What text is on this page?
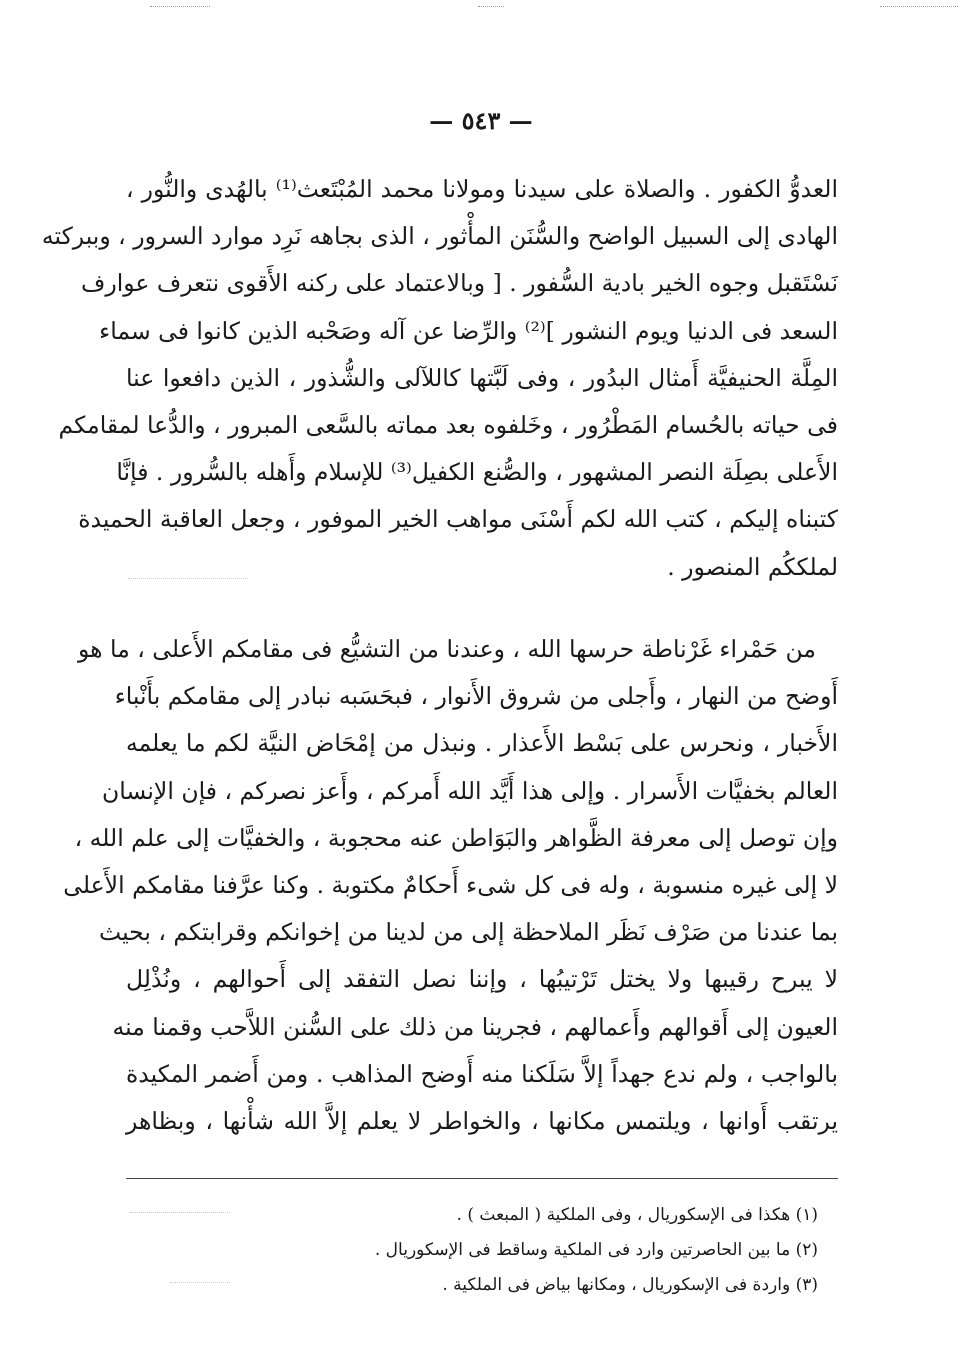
— ٥٤٣ —
العدوُّ الكفور . والصلاة على سيدنا ومولانا محمد المُبْتَعث⁽¹⁾ بالهُدى والنُّور ،
الهادى إلى السبيل الواضح والسُّنَن المأْثور ، الذى بجاهه نَرِد موارد السرور ، وببركته
نَسْتَقبل وجوه الخير بادية السُّفور . [ وبالاعتماد على ركنه الأَقوى نتعرف عوارف
السعد فى الدنيا ويوم النشور ]⁽²⁾ والرِّضا عن آله وصَحْبه الذين كانوا فى سماء
المِلَّة الحنيفيَّة أَمثال البدُور ، وفى لَبَّتها كاللآلى والشُّذور ، الذين دافعوا عنا
فى حياته بالحُسام المَطْرُور ، وخَلفوه بعد مماته بالسَّعى المبرور ، والدُّعا لمقامكم
الأَعلى بصِلَة النصر المشهور ، والصُّنع الكفيل⁽³⁾ للإسلام وأَهله بالسُّرور . فإنَّا
كتبناه إليكم ، كتب الله لكم أَسْنَى مواهب الخير الموفور ، وجعل العاقبة الحميدة
لملككُم المنصور .
من حَمْراء غَرْناطة حرسها الله ، وعندنا من التشيُّع فى مقامكم الأَعلى ، ما هو
أَوضح من النهار ، وأَجلى من شروق الأَنوار ، فبحَسَبه نبادر إلى مقامكم بأَنْباء
الأَخبار ، ونحرس على بَسْط الأَعذار . ونبذل من إمْحَاض النيَّة لكم ما يعلمه
العالم بخفيَّات الأَسرار . وإلى هذا أَيَّد الله أَمركم ، وأَعز نصركم ، فإن الإنسان
وإن توصل إلى معرفة الظَّواهر والبَوَاطن عنه محجوبة ، والخفيَّات إلى علم الله ،
لا إلى غيره منسوبة ، وله فى كل شىء أَحكامٌ مكتوبة . وكنا عرَّفنا مقامكم الأَعلى
بما عندنا من صَرْف نَظَر الملاحظة إلى من لدينا من إخوانكم وقرابتكم ، بحيث
لا يبرح رقيبها ولا يختل تَرْتيبُها ، وإننا نصل التفقد إلى أَحوالهم ، ونُذْلِل
العيون إلى أَقوالهم وأَعمالهم ، فجرينا من ذلك على السُّنن اللاَّحب وقمنا منه
بالواجب ، ولم ندع جهداً إلاَّ سَلَكنا منه أَوضح المذاهب . ومن أَضمر المكيدة
يرتقب أَوانها ، ويلتمس مكانها ، والخواطر لا يعلم إلاَّ الله شأْنها ، وبظاهر
(١) هكذا فى الإسكوريال ، وفى الملكية ( المبعث ) .
(٢) ما بين الحاصرتين وارد فى الملكية وساقط فى الإسكوريال .
(٣) واردة فى الإسكوريال ، ومكانها بياض فى الملكية .
